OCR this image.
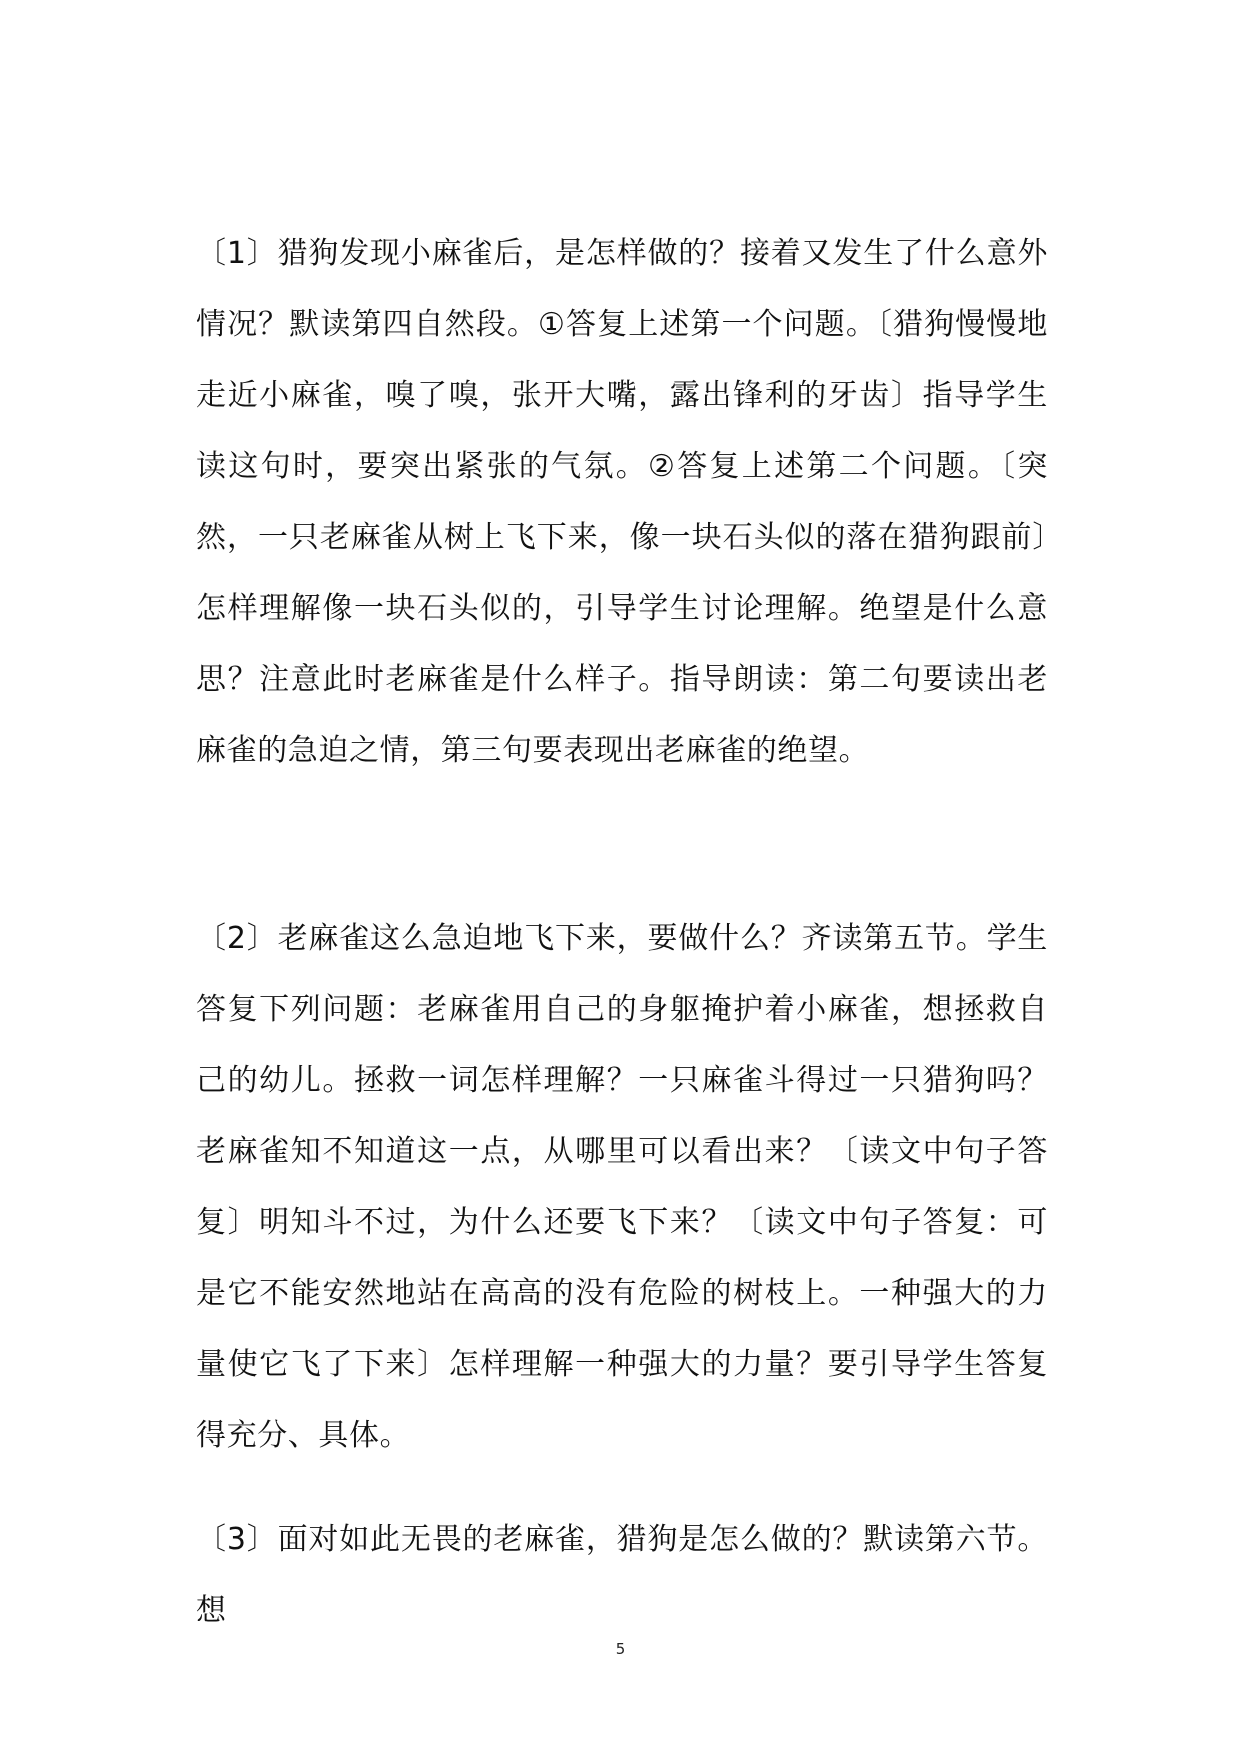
〔1〕猎狗发现小麻雀后，是怎样做的？接着又发生了什么意外情况？默读第四自然段。①答复上述第一个问题。〔猎狗慢慢地走近小麻雀，嗅了嗅，张开大嘴，露出锋利的牙齿〕指导学生读这句时，要突出紧张的气氛。②答复上述第二个问题。〔突然，一只老麻雀从树上飞下来，像一块石头似的落在猎狗跟前〕怎样理解像一块石头似的，引导学生讨论理解。绝望是什么意思？注意此时老麻雀是什么样子。指导朗读：第二句要读出老麻雀的急迫之情，第三句要表现出老麻雀的绝望。

〔2〕老麻雀这么急迫地飞下来，要做什么？齐读第五节。学生答复下列问题：老麻雀用自己的身躯掩护着小麻雀，想拯救自己的幼儿。拯救一词怎样理解？一只麻雀斗得过一只猎狗吗？老麻雀知不知道这一点，从哪里可以看出来？〔读文中句子答复〕明知斗不过，为什么还要飞下来？〔读文中句子答复：可是它不能安然地站在高高的没有危险的树枝上。一种强大的力量使它飞了下来〕怎样理解一种强大的力量？要引导学生答复得充分、具体。

〔3〕面对如此无畏的老麻雀，猎狗是怎么做的？默读第六节。想

5
